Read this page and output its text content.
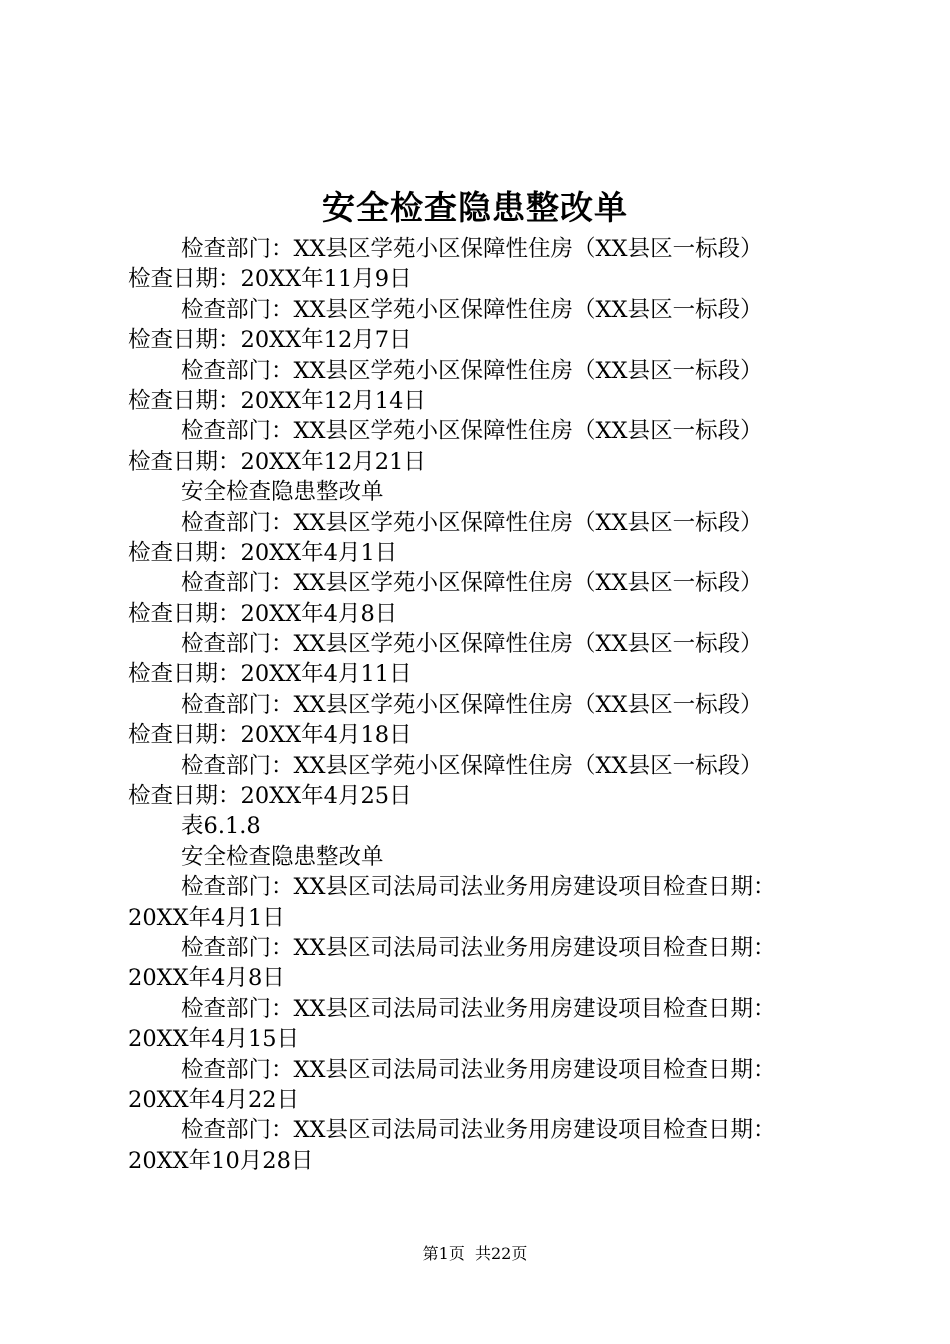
安全检查隐患整改单
检查部门：XX县区学苑小区保障性住房（XX县区一标段）
检查日期：20XX年11月9日
检查部门：XX县区学苑小区保障性住房（XX县区一标段）
检查日期：20XX年12月7日
检查部门：XX县区学苑小区保障性住房（XX县区一标段）
检查日期：20XX年12月14日
检查部门：XX县区学苑小区保障性住房（XX县区一标段）
检查日期：20XX年12月21日
安全检查隐患整改单
检查部门：XX县区学苑小区保障性住房（XX县区一标段）
检查日期：20XX年4月1日
检查部门：XX县区学苑小区保障性住房（XX县区一标段）
检查日期：20XX年4月8日
检查部门：XX县区学苑小区保障性住房（XX县区一标段）
检查日期：20XX年4月11日
检查部门：XX县区学苑小区保障性住房（XX县区一标段）
检查日期：20XX年4月18日
检查部门：XX县区学苑小区保障性住房（XX县区一标段）
检查日期：20XX年4月25日
表6.1.8
安全检查隐患整改单
检查部门：XX县区司法局司法业务用房建设项目检查日期：
20XX年4月1日
检查部门：XX县区司法局司法业务用房建设项目检查日期：
20XX年4月8日
检查部门：XX县区司法局司法业务用房建设项目检查日期：
20XX年4月15日
检查部门：XX县区司法局司法业务用房建设项目检查日期：
20XX年4月22日
检查部门：XX县区司法局司法业务用房建设项目检查日期：
20XX年10月28日
第1页  共22页
